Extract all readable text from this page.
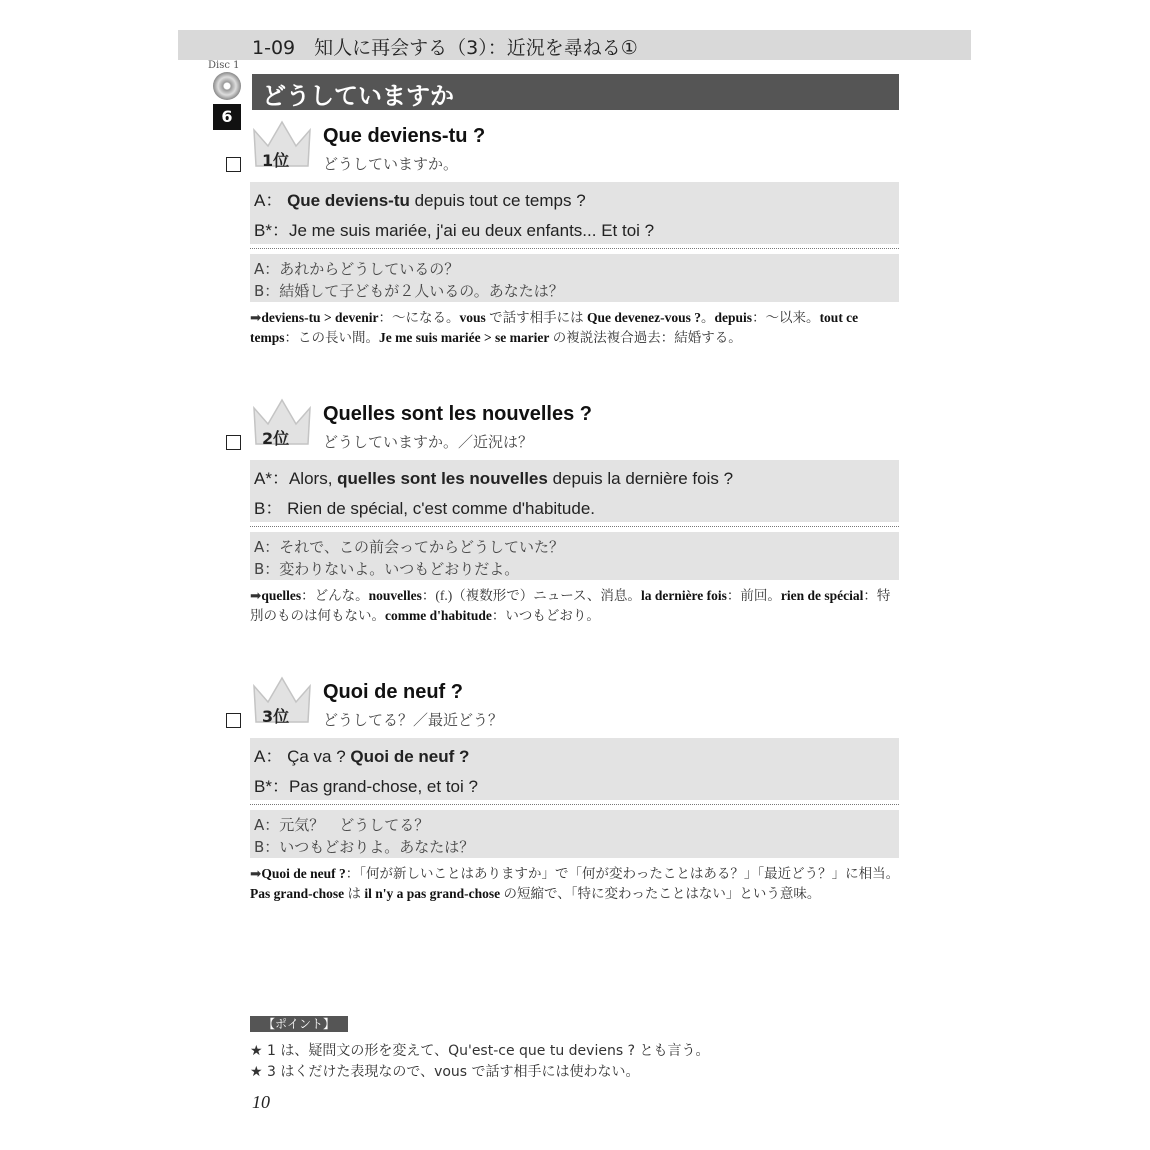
1-09　知人に再会する（3）：近況を尋ねる①
Disc 1
6
どうしていますか
1位
Que deviens-tu ?
どうしていますか。
A： Que deviens-tu depuis tout ce temps ?
B*：Je me suis mariée, j'ai eu deux enfants... Et toi ?
A：あれからどうしているの？
B：結婚して子どもが２人いるの。あなたは？
➡deviens-tu > devenir：～になる。vous で話す相手には Que devenez-vous ?。depuis：～以来。tout ce temps：この長い間。Je me suis mariée > se marier の複説法複合過去：結婚する。
2位
Quelles sont les nouvelles ?
どうしていますか。／近況は？
A*：Alors, quelles sont les nouvelles depuis la dernière fois ?
B： Rien de spécial, c'est comme d'habitude.
A：それで、この前会ってからどうしていた？
B：変わりないよ。いつもどおりだよ。
➡quelles：どんな。nouvelles：(f.)（複数形で）ニュース、消息。la dernière fois：前回。rien de spécial：特別のものは何もない。comme d'habitude：いつもどおり。
3位
Quoi de neuf ?
どうしてる？／最近どう？
A： Ça va ? Quoi de neuf ?
B*：Pas grand-chose, et toi ?
A：元気？　どうしてる？
B：いつもどおりよ。あなたは？
➡Quoi de neuf ?：「何が新しいことはありますか」で「何が変わったことはある？」「最近どう？」に相当。Pas grand-chose は il n'y a pas grand-chose の短縮で、「特に変わったことはない」という意味。
【ポイント】
★ 1 は、疑問文の形を変えて、Qu'est-ce que tu deviens ? とも言う。
★ 3 はくだけた表現なので、vous で話す相手には使わない。
10
